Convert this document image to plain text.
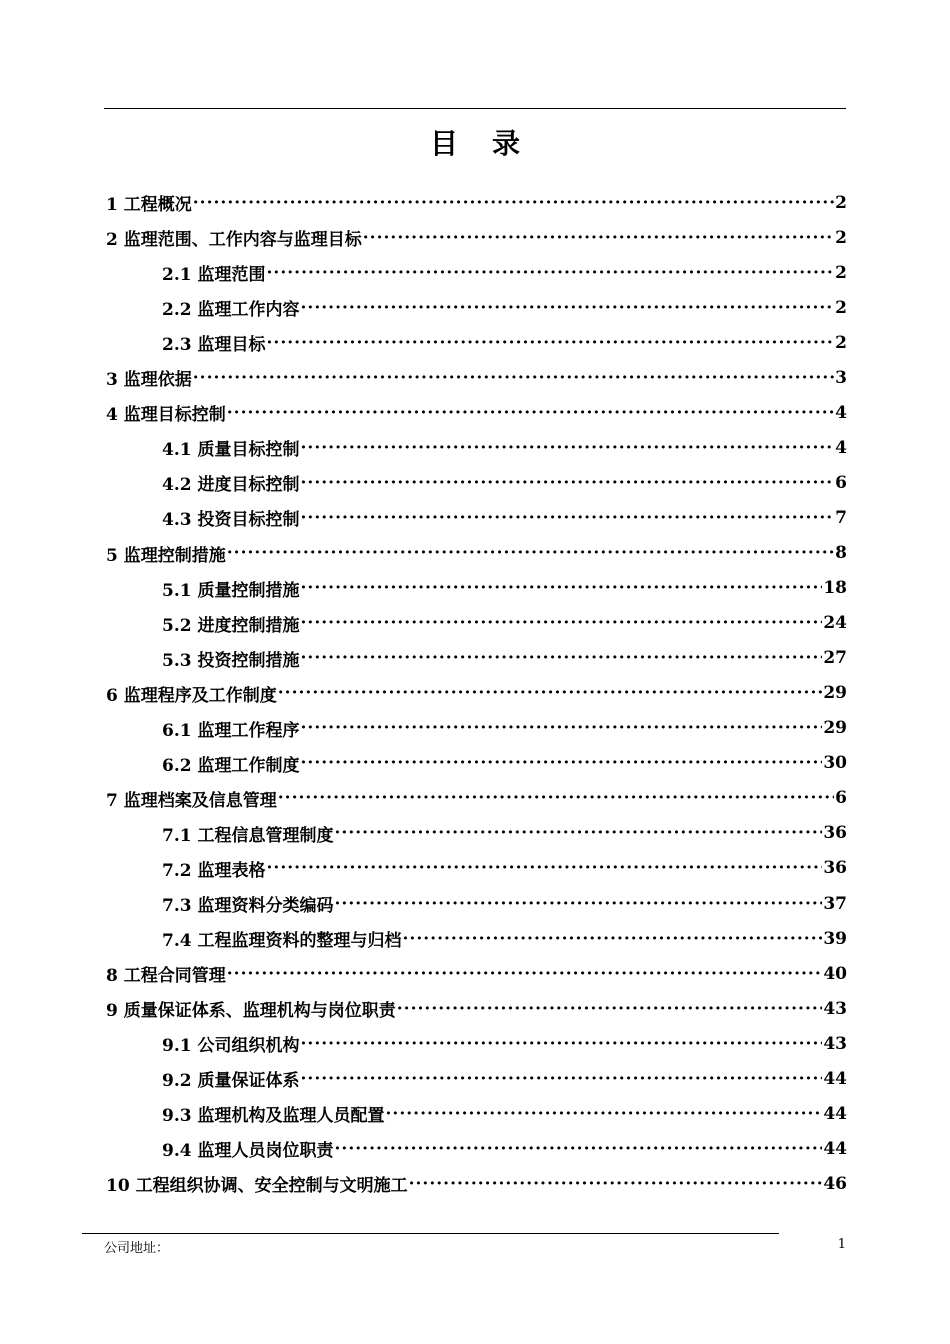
目 录
1 工程概况 ·····	2
2 监理范围、工作内容与监理目标 ·····	2
2.1 监理范围 ·····	2
2.2 监理工作内容 ·····	2
2.3 监理目标 ·····	2
3 监理依据 ·····	3
4 监理目标控制 ·····	4
4.1 质量目标控制 ·····	4
4.2 进度目标控制 ·····	6
4.3 投资目标控制 ·····	7
5 监理控制措施 ·····	8
5.1 质量控制措施 ·····	18
5.2 进度控制措施 ·····	24
5.3 投资控制措施 ·····	27
6 监理程序及工作制度 ·····	29
6.1 监理工作程序 ·····	29
6.2 监理工作制度 ·····	30
7 监理档案及信息管理 ·····	6
7.1 工程信息管理制度 ·····	36
7.2 监理表格 ·····	36
7.3 监理资料分类编码 ·····	37
7.4 工程监理资料的整理与归档 ·····	39
8 工程合同管理 ·····	40
9 质量保证体系、监理机构与岗位职责 ·····	43
9.1 公司组织机构 ·····	43
9.2 质量保证体系 ·····	44
9.3 监理机构及监理人员配置 ·····	44
9.4 监理人员岗位职责 ·····	44
10 工程组织协调、安全控制与文明施工 ·····	46
公司地址：	1
